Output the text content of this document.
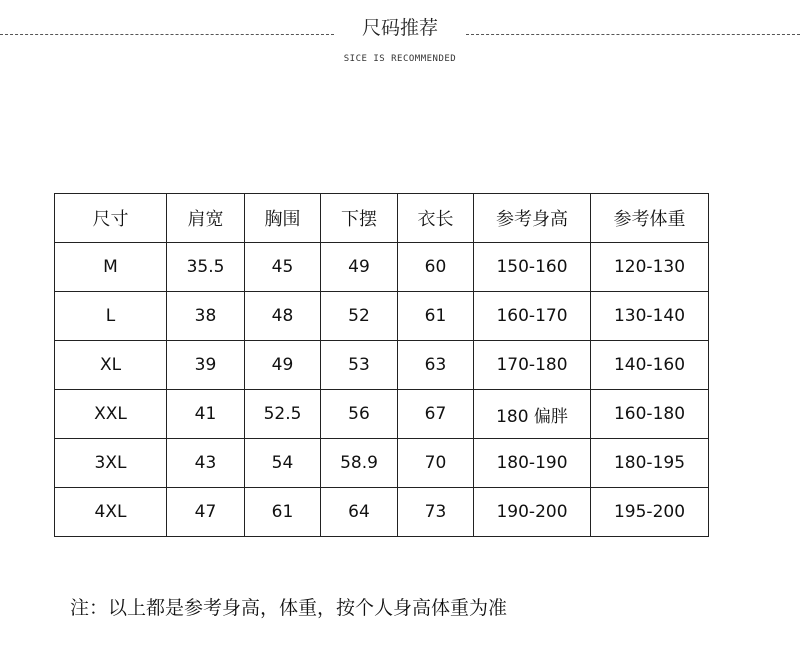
尺码推荐
SICE IS RECOMMENDED
尺寸	肩宽	胸围	下摆	衣长	参考身高	参考体重
M	35.5	45	49	60	150-160	120-130
L	38	48	52	61	160-170	130-140
XL	39	49	53	63	170-180	140-160
XXL	41	52.5	56	67	180 偏胖	160-180
3XL	43	54	58.9	70	180-190	180-195
4XL	47	61	64	73	190-200	195-200
注：以上都是参考身高，体重，按个人身高体重为准
